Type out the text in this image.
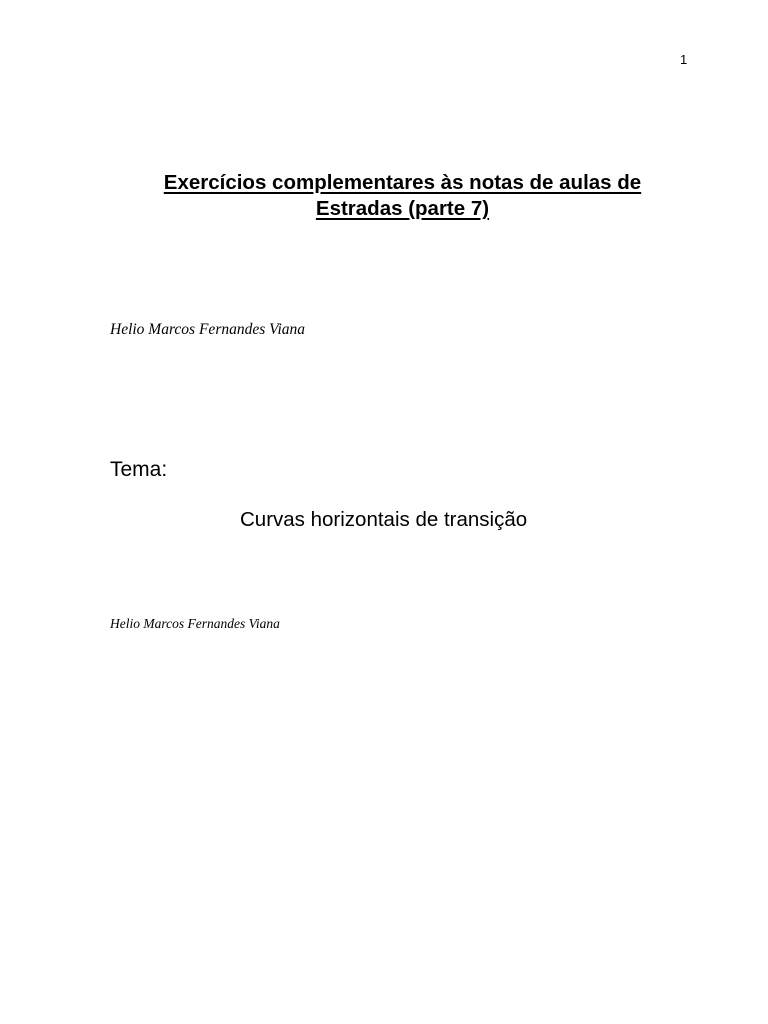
1
Exercícios complementares às notas de aulas de
Estradas (parte 7)
Helio Marcos Fernandes Viana
Tema:
Curvas horizontais de transição
Helio Marcos Fernandes Viana
